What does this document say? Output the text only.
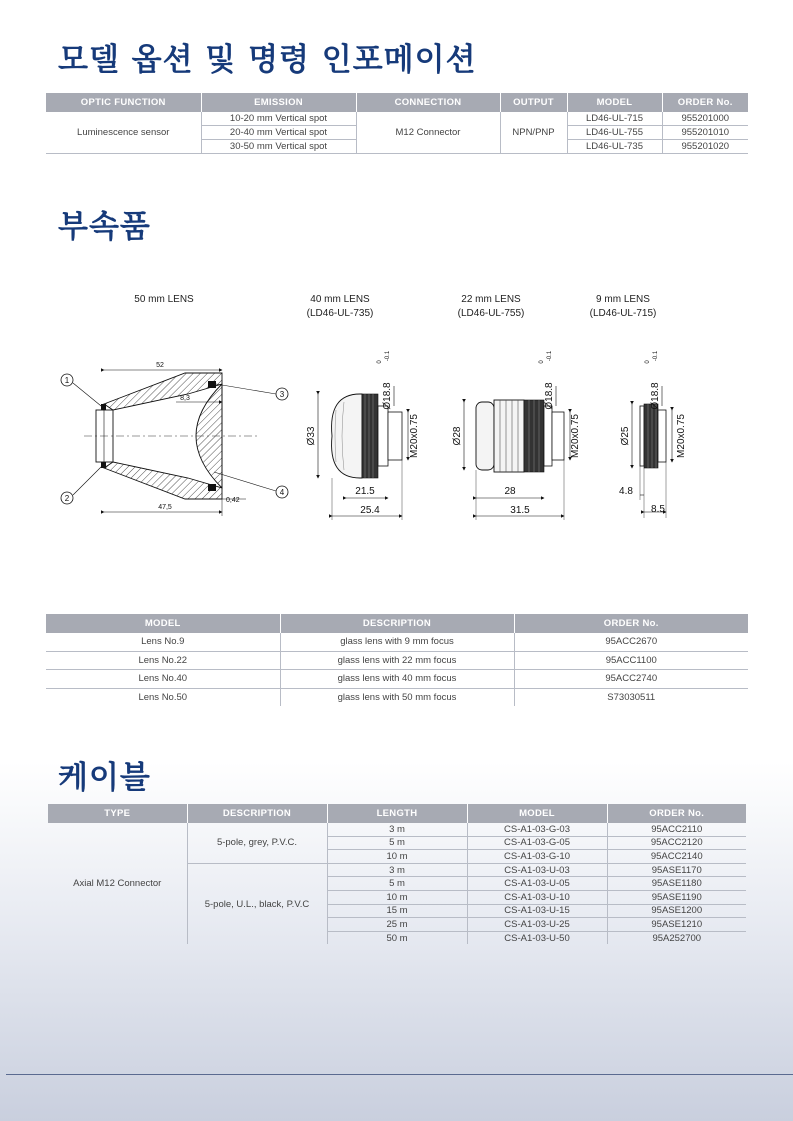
모델 옵션 및 명령 인포메이션
OPTIC FUNCTION	EMISSION	CONNECTION	OUTPUT	MODEL	ORDER No.
Luminescence sensor	10-20 mm Vertical spot	M12 Connector	NPN/PNP	LD46-UL-715	955201000
	20-40 mm Vertical spot			LD46-UL-755	955201010
	30-50 mm Vertical spot			LD46-UL-735	955201020
부속품
50 mm LENS	40 mm LENS
(LD46-UL-735)
22 mm LENS
(LD46-UL-755)
9 mm LENS
(LD46-UL-715)
52
8,3
47,5
0,42
1
2
3
4
Ø33
Ø18.8
0
-0.1
M20x0.75
21.5
25.4
Ø28
Ø18.8
0
-0.1
M20x0.75
28
31.5
Ø25
Ø18.8
0
-0.1
M20x0.75
4.8
8.5
MODEL	DESCRIPTION	ORDER No.
Lens No.9	glass lens with 9 mm focus	95ACC2670
Lens No.22	glass lens with 22 mm focus	95ACC1100
Lens No.40	glass lens with 40 mm focus	95ACC2740
Lens No.50	glass lens with 50 mm focus	S73030511
케이블
TYPE	DESCRIPTION	LENGTH	MODEL	ORDER No.
Axial M12 Connector	5-pole, grey, P.V.C.	3 m	CS-A1-03-G-03	95ACC2110
		5 m	CS-A1-03-G-05	95ACC2120
		10 m	CS-A1-03-G-10	95ACC2140
	5-pole, U.L., black, P.V.C	3 m	CS-A1-03-U-03	95ASE1170
		5 m	CS-A1-03-U-05	95ASE1180
		10 m	CS-A1-03-U-10	95ASE1190
		15 m	CS-A1-03-U-15	95ASE1200
		25 m	CS-A1-03-U-25	95ASE1210
		50 m	CS-A1-03-U-50	95A252700
